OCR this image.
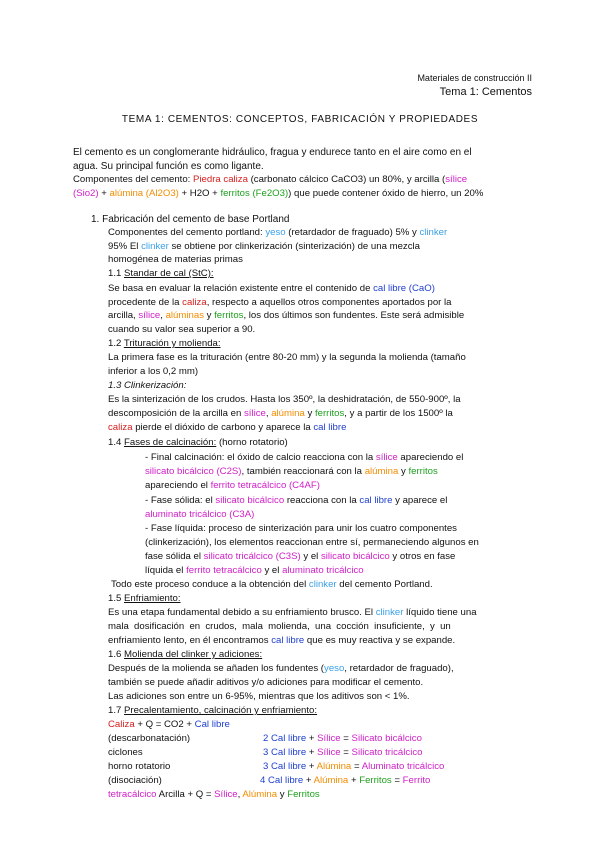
Materiales de construcción II
Tema 1: Cementos
TEMA 1: CEMENTOS: CONCEPTOS, FABRICACIÓN Y PROPIEDADES
El cemento es un conglomerante hidráulico, fragua y endurece tanto en el aire como en el
agua. Su principal función es como ligante.
Componentes del cemento: Piedra caliza (carbonato cálcico CaCO3) un 80%, y arcilla (sílice
(Sio2) + alúmina (Al2O3) + H2O + ferritos (Fe2O3)) que puede contener óxido de hierro, un 20%
1. Fabricación del cemento de base Portland
Componentes del cemento portland: yeso (retardador de fraguado) 5% y clinker
95% El clinker se obtiene por clinkerización (sinterización) de una mezcla
homogénea de materias primas
1.1 Standar de cal (StC):
Se basa en evaluar la relación existente entre el contenido de cal libre (CaO)
procedente de la caliza, respecto a aquellos otros componentes aportados por la
arcilla, sílice, alúminas y ferritos, los dos últimos son fundentes. Este será admisible
cuando su valor sea superior a 90.
1.2 Trituración y molienda:
La primera fase es la trituración (entre 80-20 mm) y la segunda la molienda (tamaño
inferior a los 0,2 mm)
1.3 Clinkerización:
Es la sinterización de los crudos. Hasta los 350º, la deshidratación, de 550-900º, la
descomposición de la arcilla en sílice, alúmina y ferritos, y a partir de los 1500º la
caliza pierde el dióxido de carbono y aparece la cal libre
1.4 Fases de calcinación: (horno rotatorio)
- Final calcinación: el óxido de calcio reacciona con la sílice apareciendo el
silicato bicálcico (C2S), también reaccionará con la alúmina y ferritos
apareciendo el ferrito tetracálcico (C4AF)
- Fase sólida: el silicato bicálcico reacciona con la cal libre y aparece el
aluminato tricálcico (C3A)
- Fase líquida: proceso de sinterización para unir los cuatro componentes
(clinkerización), los elementos reaccionan entre sí, permaneciendo algunos en
fase sólida el silicato tricálcico (C3S) y el silicato bicálcico y otros en fase
líquida el ferrito tetracálcico y el aluminato tricálcico
Todo este proceso conduce a la obtención del clinker del cemento Portland.
1.5 Enfriamiento:
Es una etapa fundamental debido a su enfriamiento brusco. El clinker líquido tiene una
mala dosificación en crudos, mala molienda, una cocción insuficiente, y un
enfriamiento lento, en él encontramos cal libre que es muy reactiva y se expande.
1.6 Molienda del clinker y adiciones:
Después de la molienda se añaden los fundentes (yeso, retardador de fraguado),
también se puede añadir aditivos y/o adiciones para modificar el cemento.
Las adiciones son entre un 6-95%, mientras que los aditivos son < 1%.
1.7 Precalentamiento, calcinación y enfriamiento:
Caliza + Q = CO2 + Cal libre
(descarbonatación)	2 Cal libre + Sílice = Silicato bicálcico
ciclones	3 Cal libre + Sílice = Silicato tricálcico
horno rotatorio	3 Cal libre + Alúmina = Aluminato tricálcico
(disociación)	4 Cal libre + Alúmina + Ferritos = Ferrito
tetracálcico Arcilla + Q = Sílice, Alúmina y Ferritos
